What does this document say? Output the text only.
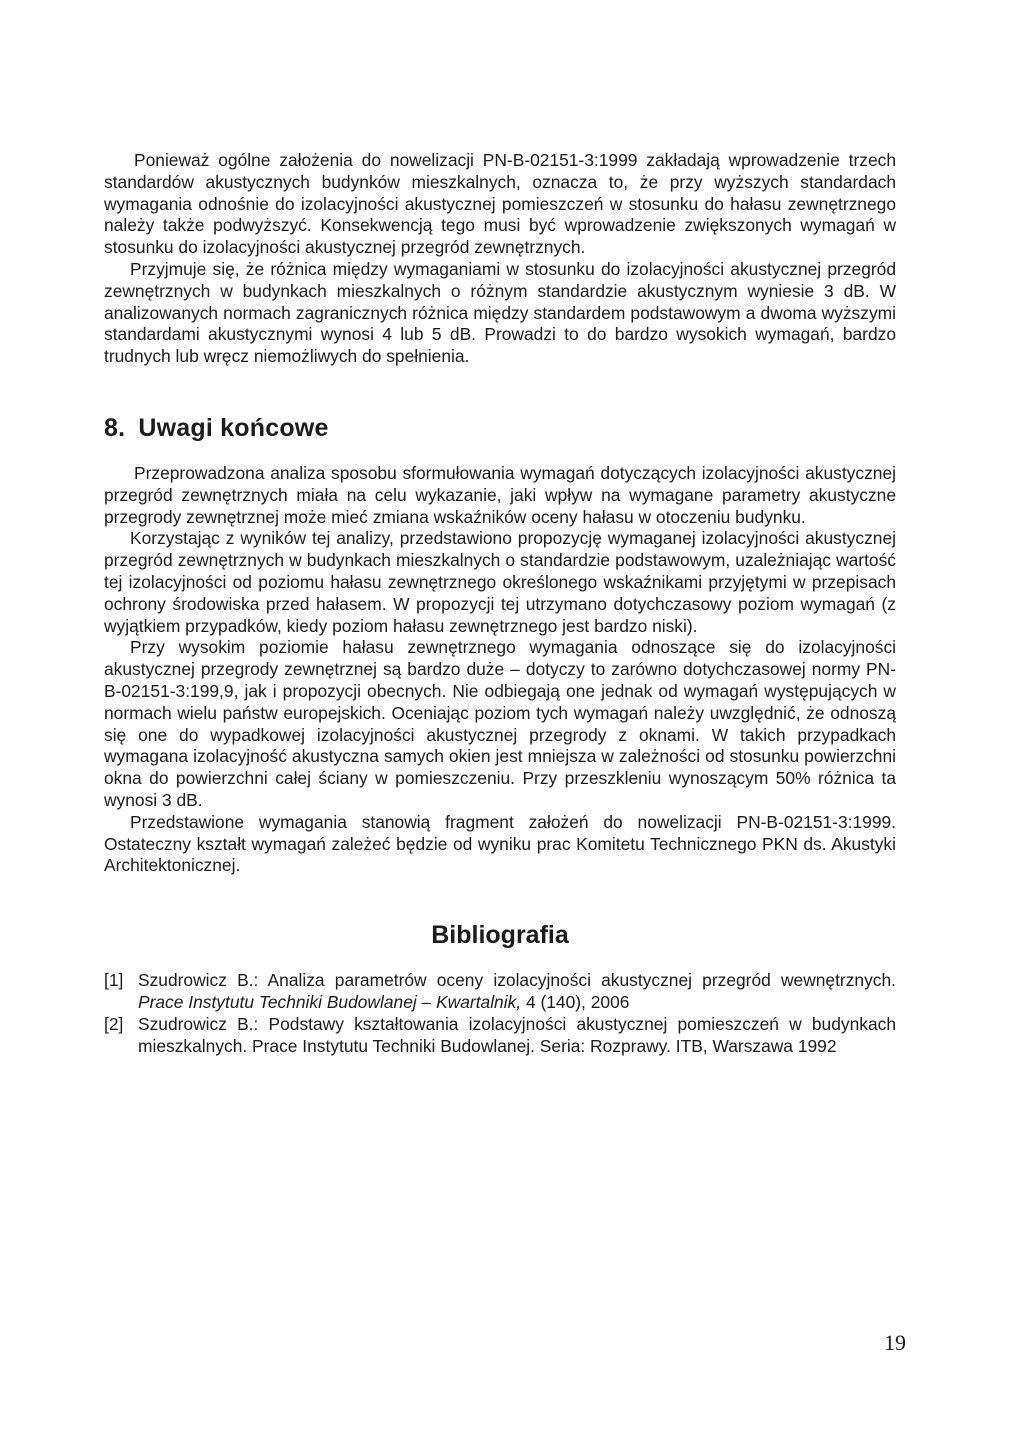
Ponieważ ogólne założenia do nowelizacji PN-B-02151-3:1999 zakładają wprowadzenie trzech standardów akustycznych budynków mieszkalnych, oznacza to, że przy wyższych standardach wymagania odnośnie do izolacyjności akustycznej pomieszczeń w stosunku do hałasu zewnętrznego należy także podwyższyć. Konsekwencją tego musi być wprowadzenie zwiększonych wymagań w stosunku do izolacyjności akustycznej przegród zewnętrznych.

Przyjmuje się, że różnica między wymaganiami w stosunku do izolacyjności akustycznej przegród zewnętrznych w budynkach mieszkalnych o różnym standardzie akustycznym wyniesie 3 dB. W analizowanych normach zagranicznych różnica między standardem podstawowym a dwoma wyższymi standardami akustycznymi wynosi 4 lub 5 dB. Prowadzi to do bardzo wysokich wymagań, bardzo trudnych lub wręcz niemożliwych do spełnienia.

8. Uwagi końcowe

Przeprowadzona analiza sposobu sformułowania wymagań dotyczących izolacyjności akustycznej przegród zewnętrznych miała na celu wykazanie, jaki wpływ na wymagane parametry akustyczne przegrody zewnętrznej może mieć zmiana wskaźników oceny hałasu w otoczeniu budynku.

Korzystając z wyników tej analizy, przedstawiono propozycję wymaganej izolacyjności akustycznej przegród zewnętrznych w budynkach mieszkalnych o standardzie podstawowym, uzależniając wartość tej izolacyjności od poziomu hałasu zewnętrznego określonego wskaźnikami przyjętymi w przepisach ochrony środowiska przed hałasem. W propozycji tej utrzymano dotychczasowy poziom wymagań (z wyjątkiem przypadków, kiedy poziom hałasu zewnętrznego jest bardzo niski).

Przy wysokim poziomie hałasu zewnętrznego wymagania odnoszące się do izolacyjności akustycznej przegrody zewnętrznej są bardzo duże – dotyczy to zarówno dotychczasowej normy PN-B-02151-3:199,9, jak i propozycji obecnych. Nie odbiegają one jednak od wymagań występujących w normach wielu państw europejskich. Oceniając poziom tych wymagań należy uwzględnić, że odnoszą się one do wypadkowej izolacyjności akustycznej przegrody z oknami. W takich przypadkach wymagana izolacyjność akustyczna samych okien jest mniejsza w zależności od stosunku powierzchni okna do powierzchni całej ściany w pomieszczeniu. Przy przeszkleniu wynoszącym 50% różnica ta wynosi 3 dB.

Przedstawione wymagania stanowią fragment założeń do nowelizacji PN-B-02151-3:1999. Ostateczny kształt wymagań zależeć będzie od wyniku prac Komitetu Technicznego PKN ds. Akustyki Architektonicznej.

Bibliografia
[1] Szudrowicz B.: Analiza parametrów oceny izolacyjności akustycznej przegród wewnętrznych. Prace Instytutu Techniki Budowlanej – Kwartalnik, 4 (140), 2006
[2] Szudrowicz B.: Podstawy kształtowania izolacyjności akustycznej pomieszczeń w budynkach mieszkalnych. Prace Instytutu Techniki Budowlanej. Seria: Rozprawy. ITB, Warszawa 1992
19
